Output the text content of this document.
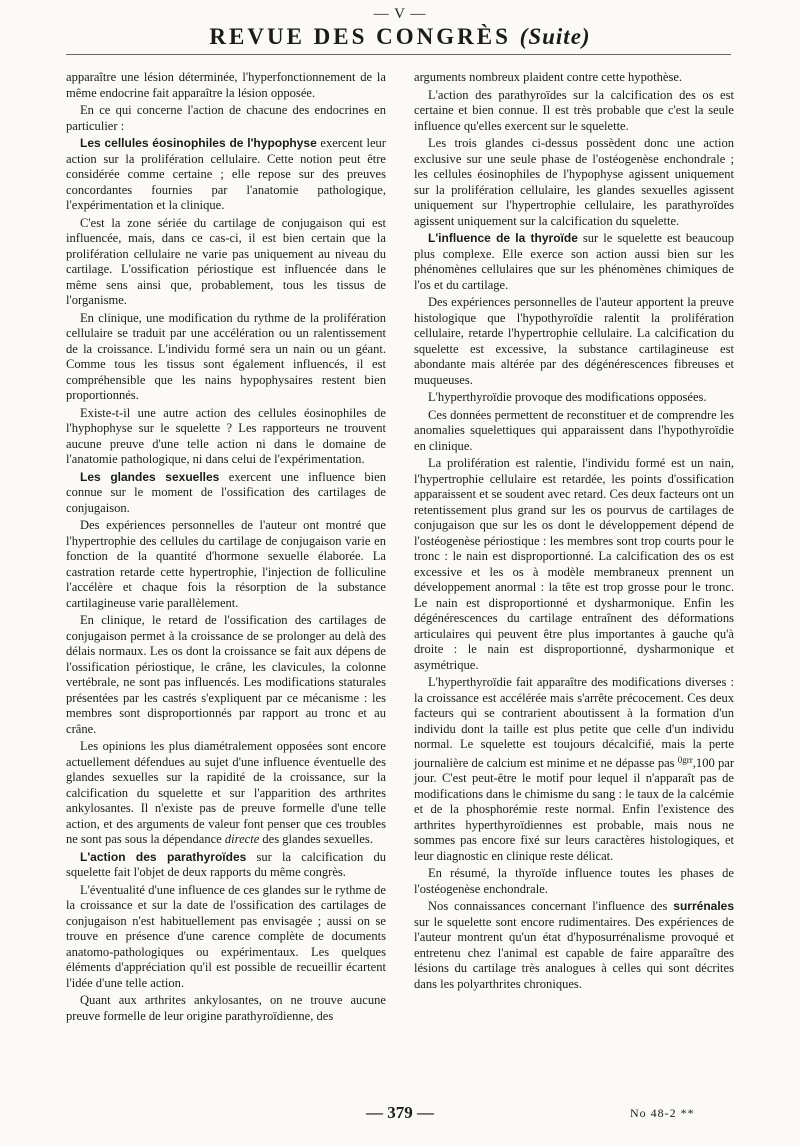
— V —
REVUE DES CONGRÈS (Suite)

apparaître une lésion déterminée, l'hyperfonctionnement de la même endocrine fait apparaître la lésion opposée.

En ce qui concerne l'action de chacune des endocrines en particulier :

Les cellules éosinophiles de l'hypophyse exercent leur action sur la prolifération cellulaire. Cette notion peut être considérée comme certaine ; elle repose sur des preuves concordantes fournies par l'anatomie pathologique, l'expérimentation et la clinique.

C'est la zone sériée du cartilage de conjugaison qui est influencée, mais, dans ce cas-ci, il est bien certain que la prolifération cellulaire ne varie pas uniquement au niveau du cartilage. L'ossification périostique est influencée dans le même sens ainsi que, probablement, tous les tissus de l'organisme.

En clinique, une modification du rythme de la prolifération cellulaire se traduit par une accélération ou un ralentissement de la croissance. L'individu formé sera un nain ou un géant. Comme tous les tissus sont également influencés, il est compréhensible que les nains hypophysaires restent bien proportionnés.

Existe-t-il une autre action des cellules éosinophiles de l'hyphophyse sur le squelette ? Les rapporteurs ne trouvent aucune preuve d'une telle action ni dans le domaine de l'anatomie pathologique, ni dans celui de l'expérimentation.

Les glandes sexuelles exercent une influence bien connue sur le moment de l'ossification des cartilages de conjugaison.

Des expériences personnelles de l'auteur ont montré que l'hypertrophie des cellules du cartilage de conjugaison varie en fonction de la quantité d'hormone sexuelle élaborée. La castration retarde cette hypertrophie, l'injection de folliculine l'accélère et chaque fois la résorption de la substance cartilagineuse varie parallèlement.

En clinique, le retard de l'ossification des cartilages de conjugaison permet à la croissance de se prolonger au delà des délais normaux. Les os dont la croissance se fait aux dépens de l'ossification périostique, le crâne, les clavicules, la colonne vertébrale, ne sont pas influencés. Les modifications staturales présentées par les castrés s'expliquent par ce mécanisme : les membres sont disproportionnés par rapport au tronc et au crâne.

Les opinions les plus diamétralement opposées sont encore actuellement défendues au sujet d'une influence éventuelle des glandes sexuelles sur la rapidité de la croissance, sur la calcification du squelette et sur l'apparition des arthrites ankylosantes. Il n'existe pas de preuve formelle d'une telle action, et des arguments de valeur font penser que ces troubles ne sont pas sous la dépendance directe des glandes sexuelles.

L'action des parathyroïdes sur la calcification du squelette fait l'objet de deux rapports du même congrès.

L'éventualité d'une influence de ces glandes sur le rythme de la croissance et sur la date de l'ossification des cartilages de conjugaison n'est habituellement pas envisagée ; aussi on se trouve en présence d'une carence complète de documents anatomo-pathologiques ou expérimentaux. Les quelques éléments d'appréciation qu'il est possible de recueillir écartent l'idée d'une telle action.

Quant aux arthrites ankylosantes, on ne trouve aucune preuve formelle de leur origine parathyroïdienne, des

arguments nombreux plaident contre cette hypothèse.

L'action des parathyroïdes sur la calcification des os est certaine et bien connue. Il est très probable que c'est la seule influence qu'elles exercent sur le squelette.

Les trois glandes ci-dessus possèdent donc une action exclusive sur une seule phase de l'ostéogenèse enchondrale ; les cellules éosinophiles de l'hypophyse agissent uniquement sur la prolifération cellulaire, les glandes sexuelles agissent uniquement sur l'hypertrophie cellulaire, les parathyroïdes agissent uniquement sur la calcification du squelette.

L'influence de la thyroïde sur le squelette est beaucoup plus complexe. Elle exerce son action aussi bien sur les phénomènes cellulaires que sur les phénomènes chimiques de l'os et du cartilage.

Des expériences personnelles de l'auteur apportent la preuve histologique que l'hypothyroïdie ralentit la prolifération cellulaire, retarde l'hypertrophie cellulaire. La calcification du squelette est excessive, la substance cartilagineuse est abondante mais altérée par des dégénérescences fibreuses et muqueuses.

L'hyperthyroïdie provoque des modifications opposées.

Ces données permettent de reconstituer et de comprendre les anomalies squelettiques qui apparaissent dans l'hypothyroïdie en clinique.

La prolifération est ralentie, l'individu formé est un nain, l'hypertrophie cellulaire est retardée, les points d'ossification apparaissent et se soudent avec retard. Ces deux facteurs ont un retentissement plus grand sur les os pourvus de cartilages de conjugaison que sur les os dont le développement dépend de l'ostéogenèse périostique : les membres sont trop courts pour le tronc : le nain est disproportionné. La calcification des os est excessive et les os à modèle membraneux prennent un développement anormal : la tête est trop grosse pour le tronc. Le nain est disproportionné et dysharmonique. Enfin les dégénérescences du cartilage entraînent des déformations articulaires qui peuvent être plus importantes à gauche qu'à droite : le nain est disproportionné, dysharmonique et asymétrique.

L'hyperthyroïdie fait apparaître des modifications diverses : la croissance est accélérée mais s'arrête précocement. Ces deux facteurs qui se contrarient aboutissent à la formation d'un individu dont la taille est plus petite que celle d'un individu normal. Le squelette est toujours décalcifié, mais la perte journalière de calcium est minime et ne dépasse pas $^{0grr}$,100 par jour. C'est peut-être le motif pour lequel il n'apparaît pas de modifications dans le chimisme du sang : le taux de la calcémie et de la phosphorémie reste normal. Enfin l'existence des arthrites hyperthyroïdiennes est probable, mais nous ne sommes pas encore fixé sur leurs caractères histologiques, et leur diagnostic en clinique reste délicat.

En résumé, la thyroïde influence toutes les phases de l'ostéogenèse enchondrale.

Nos connaissances concernant l'influence des surrénales sur le squelette sont encore rudimentaires. Des expériences de l'auteur montrent qu'un état d'hyposurrénalisme provoqué et entretenu chez l'animal est capable de faire apparaître des lésions du cartilage très analogues à celles qui sont décrites dans les polyarthrites chroniques.

— 379 —	No 48-2 **
